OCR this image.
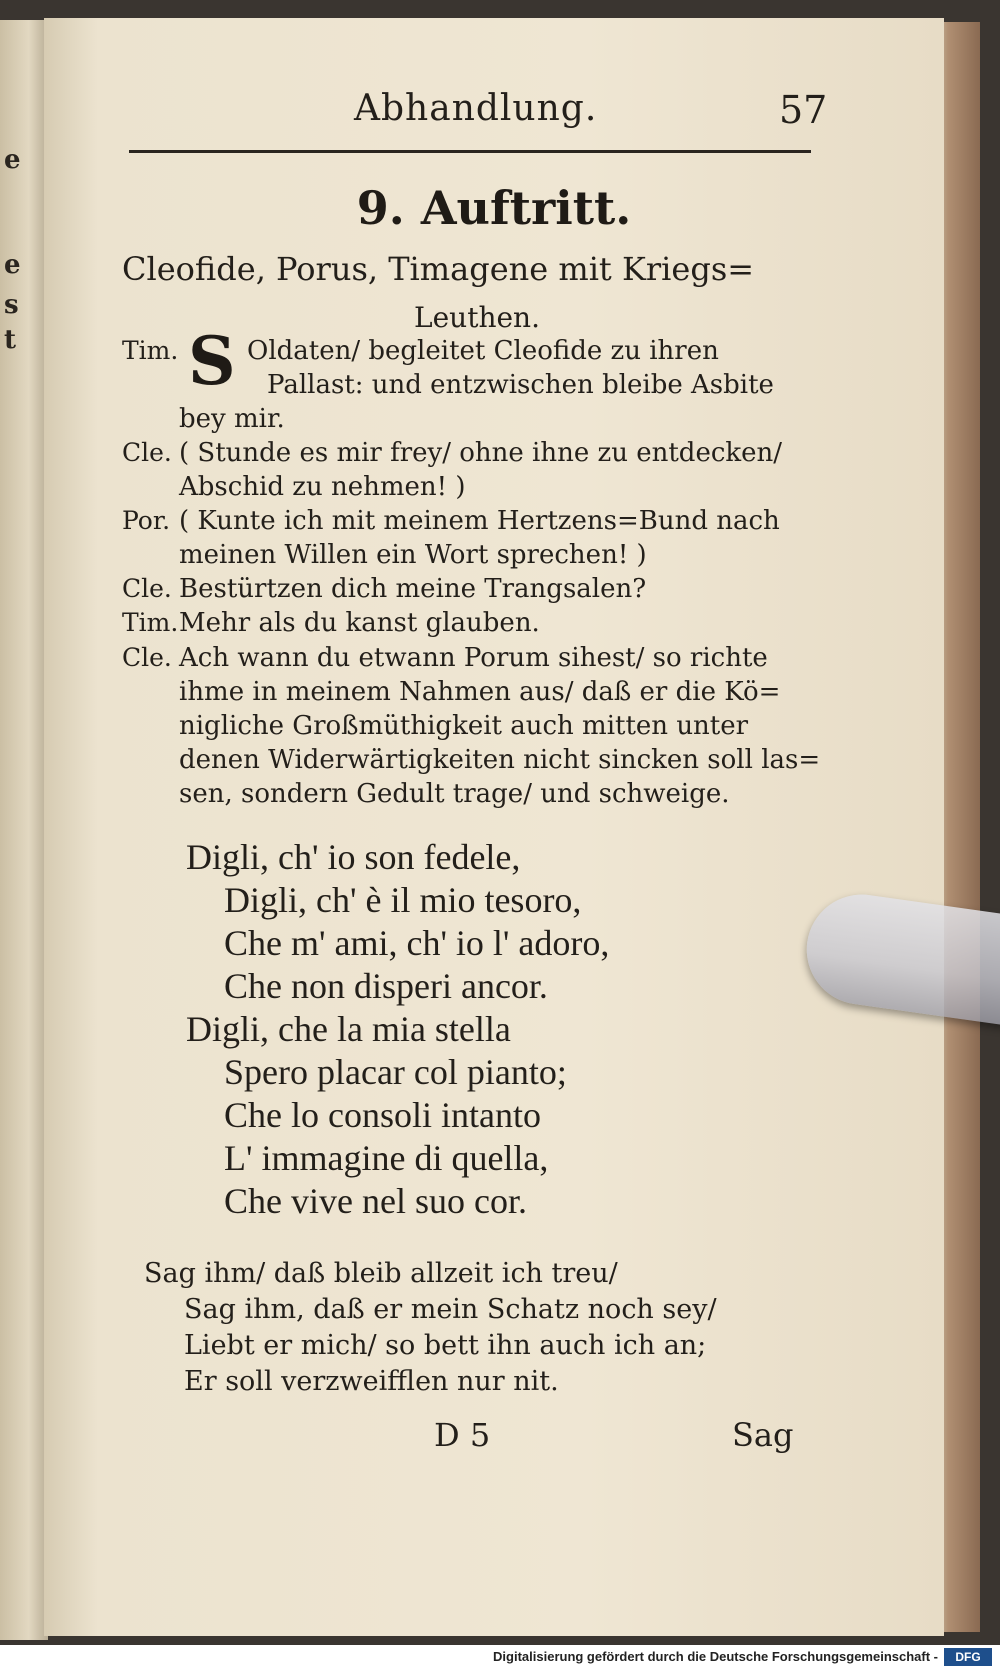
e
e
s
t
Abhandlung.	57
9. Auftritt.
Cleofide, Porus, Timagene mit Kriegs=
Leuthen.
Tim. S Oldaten/ begleitet Cleofide zu ihren
Pallast: und entzwischen bleibe Asbite
bey mir.
Cle. ( Stunde es mir frey/ ohne ihne zu entdecken/
Abschid zu nehmen! )
Por. ( Kunte ich mit meinem Hertzens=Bund nach
meinen Willen ein Wort sprechen! )
Cle. Bestürtzen dich meine Trangsalen?
Tim. Mehr als du kanst glauben.
Cle. Ach wann du etwann Porum sihest/ so richte
ihme in meinem Nahmen aus/ daß er die Kö=
nigliche Großmüthigkeit auch mitten unter
denen Widerwärtigkeiten nicht sincken soll las=
sen, sondern Gedult trage/ und schweige.
Digli, ch' io son fedele,
Digli, ch' è il mio tesoro,
Che m' ami, ch' io l' adoro,
Che non disperi ancor.
Digli, che la mia stella
Spero placar col pianto;
Che lo consoli intanto
L' immagine di quella,
Che vive nel suo cor.
Sag ihm/ daß bleib allzeit ich treu/
Sag ihm, daß er mein Schatz noch sey/
Liebt er mich/ so bett ihn auch ich an;
Er soll verzweifflen nur nit.
D 5	Sag
Digitalisierung gefördert durch die Deutsche Forschungsgemeinschaft -	DFG
